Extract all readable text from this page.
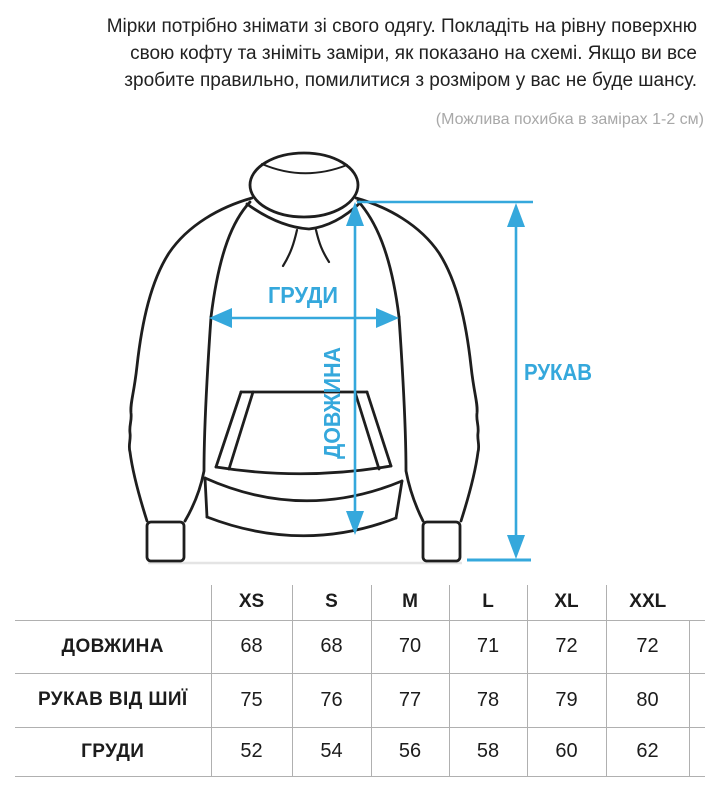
Мірки потрібно знімати зі свого одягу. Покладіть на рівну поверхню
свою кофту та зніміть заміри, як показано на схемі. Якщо ви все
зробите правильно, помилитися з розміром у вас не буде шансу.
(Можлива похибка в замірах 1-2 см)
ГРУДИ
ДОВЖИНА	РУКАВ
	XS	S	M	L	XL	XXL	
ДОВЖИНА	68	68	70	71	72	72	
РУКАВ ВІД ШИЇ	75	76	77	78	79	80	
ГРУДИ	52	54	56	58	60	62	
